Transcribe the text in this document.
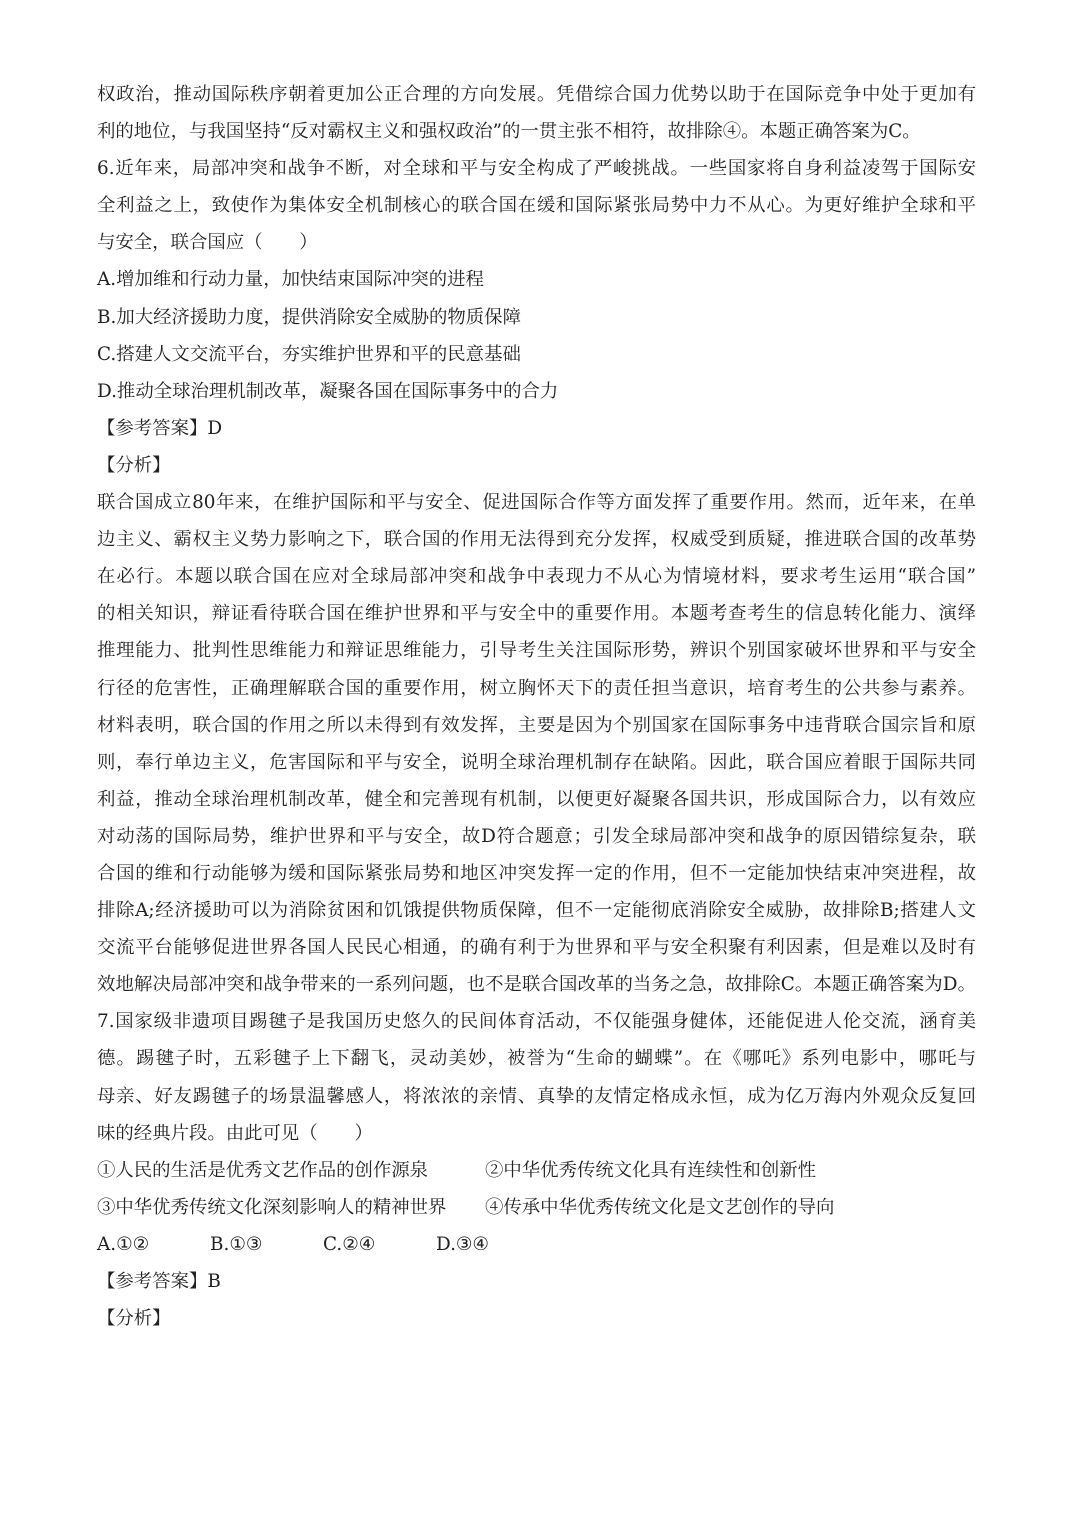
权政治，推动国际秩序朝着更加公正合理的方向发展。凭借综合国力优势以助于在国际竞争中处于更加有

利的地位，与我国坚持“反对霸权主义和强权政治”的一贯主张不相符，故排除④。本题正确答案为C。

6.近年来，局部冲突和战争不断，对全球和平与安全构成了严峻挑战。一些国家将自身利益凌驾于国际安

全利益之上，致使作为集体安全机制核心的联合国在缓和国际紧张局势中力不从心。为更好维护全球和平

与安全，联合国应（　　）

A.增加维和行动力量，加快结束国际冲突的进程

B.加大经济援助力度，提供消除安全威胁的物质保障

C.搭建人文交流平台，夯实维护世界和平的民意基础

D.推动全球治理机制改革，凝聚各国在国际事务中的合力

【参考答案】D

【分析】

联合国成立80年来，在维护国际和平与安全、促进国际合作等方面发挥了重要作用。然而，近年来，在单

边主义、霸权主义势力影响之下，联合国的作用无法得到充分发挥，权威受到质疑，推进联合国的改革势

在必行。本题以联合国在应对全球局部冲突和战争中表现力不从心为情境材料，要求考生运用“联合国”

的相关知识，辩证看待联合国在维护世界和平与安全中的重要作用。本题考查考生的信息转化能力、演绎

推理能力、批判性思维能力和辩证思维能力，引导考生关注国际形势，辨识个别国家破坏世界和平与安全

行径的危害性，正确理解联合国的重要作用，树立胸怀天下的责任担当意识，培育考生的公共参与素养。

材料表明，联合国的作用之所以未得到有效发挥，主要是因为个别国家在国际事务中违背联合国宗旨和原

则，奉行单边主义，危害国际和平与安全，说明全球治理机制存在缺陷。因此，联合国应着眼于国际共同

利益，推动全球治理机制改革，健全和完善现有机制，以便更好凝聚各国共识，形成国际合力，以有效应

对动荡的国际局势，维护世界和平与安全，故D符合题意；引发全球局部冲突和战争的原因错综复杂，联

合国的维和行动能够为缓和国际紧张局势和地区冲突发挥一定的作用，但不一定能加快结束冲突进程，故

排除A;经济援助可以为消除贫困和饥饿提供物质保障，但不一定能彻底消除安全威胁，故排除B;搭建人文

交流平台能够促进世界各国人民民心相通，的确有利于为世界和平与安全积聚有利因素，但是难以及时有

效地解决局部冲突和战争带来的一系列问题，也不是联合国改革的当务之急，故排除C。本题正确答案为D。

7.国家级非遗项目踢毽子是我国历史悠久的民间体育活动，不仅能强身健体，还能促进人伦交流，涵育美

德。踢毽子时，五彩毽子上下翻飞，灵动美妙，被誉为“生命的蝴蝶”。在《哪吒》系列电影中，哪吒与

母亲、好友踢毽子的场景温馨感人，将浓浓的亲情、真挚的友情定格成永恒，成为亿万海内外观众反复回

味的经典片段。由此可见（　　）

①人民的生活是优秀文艺作品的创作源泉	②中华优秀传统文化具有连续性和创新性
③中华优秀传统文化深刻影响人的精神世界	④传承中华优秀传统文化是文艺创作的导向
A.①②	B.①③	C.②④	D.③④

【参考答案】B

【分析】
